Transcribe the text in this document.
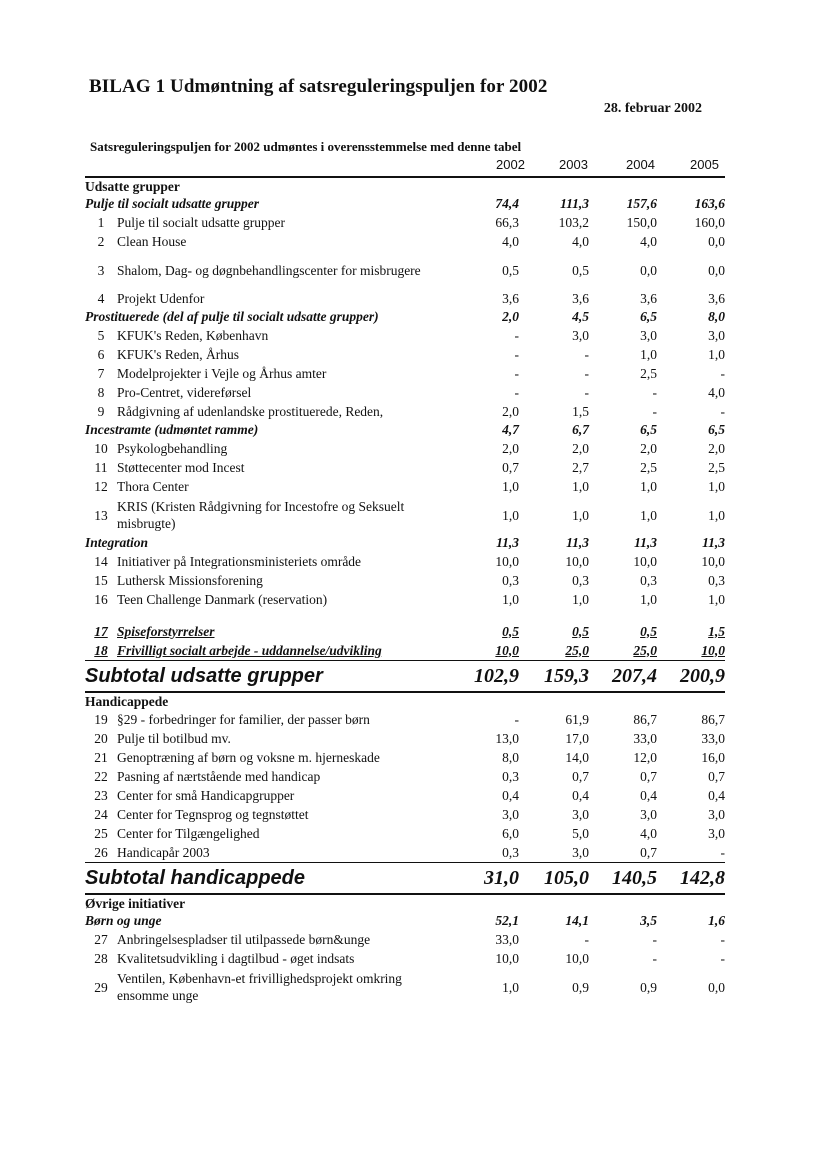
BILAG 1 Udmøntning af satsreguleringspuljen for 2002
28. februar 2002
Satsreguleringspuljen for 2002 udmøntes i overensstemmelse med denne tabel
2002	2003	2004	2005
Udsatte grupper					
Pulje til socialt udsatte grupper		74,4	111,3	157,6	163,6
1	Pulje til socialt udsatte grupper	66,3	103,2	150,0	160,0
2	Clean House	4,0	4,0	4,0	0,0
3	Shalom, Dag- og døgnbehandlingscenter for misbrugere	0,5	0,5	0,0	0,0
4	Projekt Udenfor	3,6	3,6	3,6	3,6
Prostituerede (del af pulje til socialt udsatte grupper)		2,0	4,5	6,5	8,0
5	KFUK's Reden, København	-	3,0	3,0	3,0
6	KFUK's Reden, Århus	-	-	1,0	1,0
7	Modelprojekter i Vejle og Århus amter	-	-	2,5	-
8	Pro-Centret, videreførsel	-	-	-	4,0
9	Rådgivning af udenlandske prostituerede, Reden,	2,0	1,5	-	-
Incestramte (udmøntet ramme)		4,7	6,7	6,5	6,5
10	Psykologbehandling	2,0	2,0	2,0	2,0
11	Støttecenter mod Incest	0,7	2,7	2,5	2,5
12	Thora Center	1,0	1,0	1,0	1,0
13	KRIS (Kristen Rådgivning for Incestofre og Seksuelt misbrugte)	1,0	1,0	1,0	1,0
Integration		11,3	11,3	11,3	11,3
14	Initiativer på Integrationsministeriets område	10,0	10,0	10,0	10,0
15	Luthersk Missionsforening	0,3	0,3	0,3	0,3
16	Teen Challenge Danmark (reservation)	1,0	1,0	1,0	1,0

17	Spiseforstyrrelser	0,5	0,5	0,5	1,5
18	Frivilligt socialt arbejde - uddannelse/udvikling	10,0	25,0	25,0	10,0
Subtotal udsatte grupper		102,9	159,3	207,4	200,9
Handicappede					
19	§29 - forbedringer for familier, der passer børn	-	61,9	86,7	86,7
20	Pulje til botilbud mv.	13,0	17,0	33,0	33,0
21	Genoptræning af børn og voksne m. hjerneskade	8,0	14,0	12,0	16,0
22	Pasning af nærtstående med handicap	0,3	0,7	0,7	0,7
23	Center for små Handicapgrupper	0,4	0,4	0,4	0,4
24	Center for Tegnsprog og tegnstøttet	3,0	3,0	3,0	3,0
25	Center for Tilgængelighed	6,0	5,0	4,0	3,0
26	Handicapår 2003	0,3	3,0	0,7	-
Subtotal handicappede		31,0	105,0	140,5	142,8
Øvrige initiativer					
Børn og unge		52,1	14,1	3,5	1,6
27	Anbringelsespladser til utilpassede børn&unge	33,0	-	-	-
28	Kvalitetsudvikling i dagtilbud - øget indsats	10,0	10,0	-	-
29	Ventilen, København-et frivillighedsprojekt omkring ensomme unge	1,0	0,9	0,9	0,0
